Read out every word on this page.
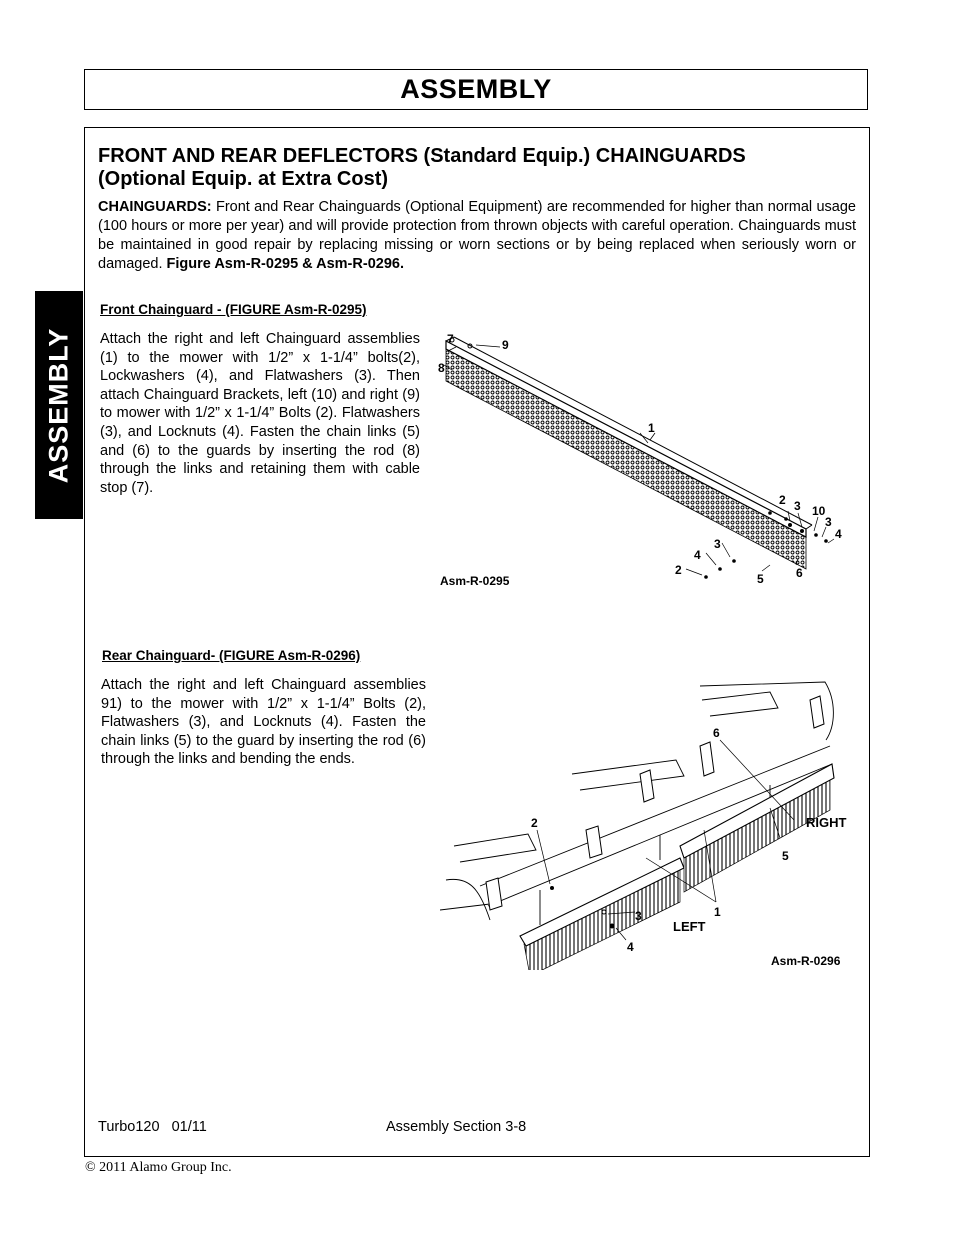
ASSEMBLY
ASSEMBLY
FRONT AND REAR DEFLECTORS (Standard Equip.) CHAINGUARDS (Optional Equip. at Extra Cost)
CHAINGUARDS: Front and Rear Chainguards (Optional Equipment) are recommended for higher than normal usage (100 hours or more per year) and will provide protection from thrown objects with careful operation. Chainguards must be maintained in good repair by replacing missing or worn sections or by being replaced when seriously worn or damaged. Figure Asm-R-0295 & Asm-R-0296.
Front Chainguard - (FIGURE Asm-R-0295)
Attach the right and left Chainguard assemblies (1) to the mower with 1/2” x 1-1/4” bolts(2), Lockwashers (4), and Flatwashers (3). Then attach Chainguard Brackets, left (10) and right (9) to mower with 1/2” x 1-1/4” Bolts (2). Flatwashers (3), and Locknuts (4). Fasten the chain links (5) and (6) to the guards by inserting the rod (8) through the links and retaining them with cable stop (7).
7	9
8
1
2 3 10
3
4
3
4
2
5	6
Asm-R-0295
Rear Chainguard- (FIGURE Asm-R-0296)
Attach the right and left Chainguard assemblies 91) to the mower with 1/2” x 1-1/4” Bolts (2), Flatwashers (3), and Locknuts (4). Fasten the chain links (5) to the guard by inserting the rod (6) through the links and bending the ends.
6
2	RIGHT
5
1
3
LEFT
4
Asm-R-0296
Turbo120   01/11	Assembly Section 3-8
© 2011 Alamo Group Inc.
